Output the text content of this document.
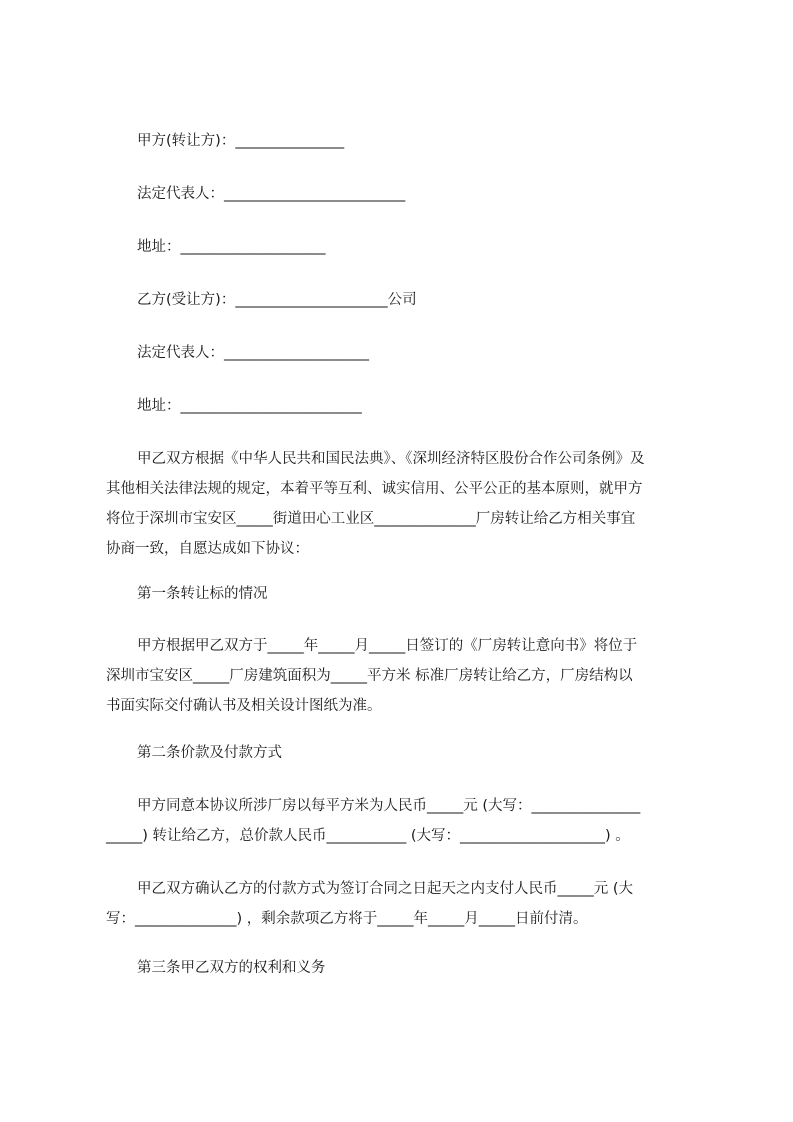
甲方(转让方)：_______________

法定代表人：_________________________

地址：____________________

乙方(受让方)：_____________________公司

法定代表人：____________________

地址：_________________________

甲乙双方根据《中华人民共和国民法典》、《深圳经济特区股份合作公司条例》及

其他相关法律法规的规定，本着平等互利、诚实信用、公平公正的基本原则，就甲方

将位于深圳市宝安区_____街道田心工业区______________厂房转让给乙方相关事宜

协商一致，自愿达成如下协议：

第一条转让标的情况

甲方根据甲乙双方于_____年_____月_____日签订的《厂房转让意向书》将位于

深圳市宝安区_____厂房建筑面积为_____平方米 标准厂房转让给乙方，厂房结构以

书面实际交付确认书及相关设计图纸为准。

第二条价款及付款方式

甲方同意本协议所涉厂房以每平方米为人民币_____元 (大写：_______________

_____) 转让给乙方，总价款人民币___________ (大写：____________________) 。

甲乙双方确认乙方的付款方式为签订合同之日起天之内支付人民币_____元 (大

写：______________) ，剩余款项乙方将于_____年_____月_____日前付清。

第三条甲乙双方的权利和义务
